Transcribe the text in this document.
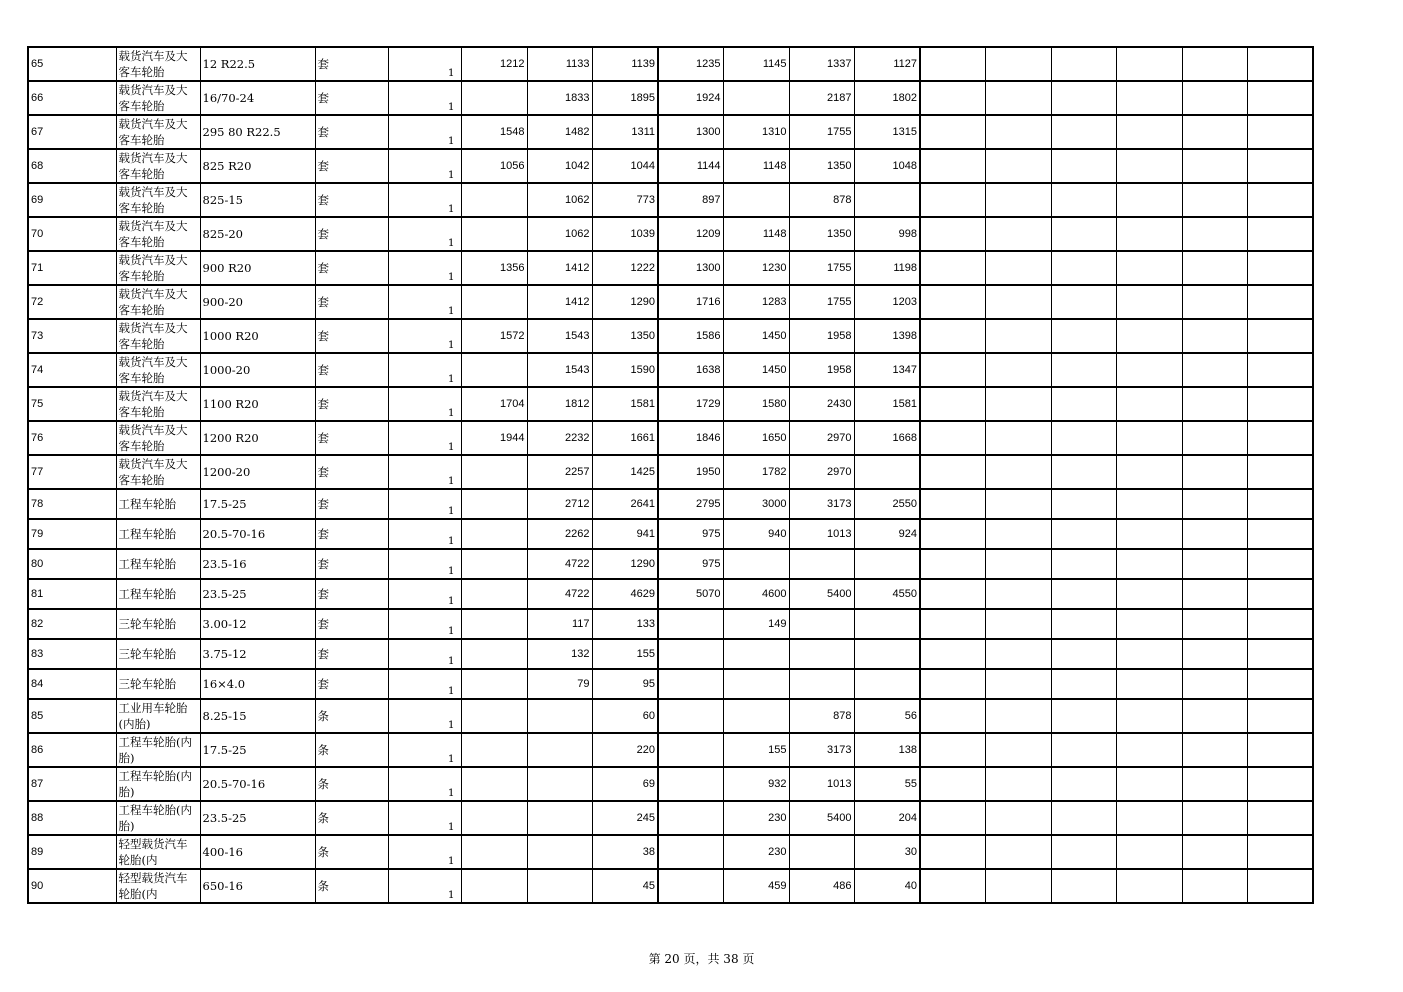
65	载货汽车及大客车轮胎	12 R22.5	套	1	1212	1133	1139	1235	1145	1337	1127						
66	载货汽车及大客车轮胎	16/70-24	套	1		1833	1895	1924		2187	1802						
67	载货汽车及大客车轮胎	295 80 R22.5	套	1	1548	1482	1311	1300	1310	1755	1315						
68	载货汽车及大客车轮胎	825 R20	套	1	1056	1042	1044	1144	1148	1350	1048						
69	载货汽车及大客车轮胎	825-15	套	1		1062	773	897		878							
70	载货汽车及大客车轮胎	825-20	套	1		1062	1039	1209	1148	1350	998						
71	载货汽车及大客车轮胎	900 R20	套	1	1356	1412	1222	1300	1230	1755	1198						
72	载货汽车及大客车轮胎	900-20	套	1		1412	1290	1716	1283	1755	1203						
73	载货汽车及大客车轮胎	1000 R20	套	1	1572	1543	1350	1586	1450	1958	1398						
74	载货汽车及大客车轮胎	1000-20	套	1		1543	1590	1638	1450	1958	1347						
75	载货汽车及大客车轮胎	1100 R20	套	1	1704	1812	1581	1729	1580	2430	1581						
76	载货汽车及大客车轮胎	1200 R20	套	1	1944	2232	1661	1846	1650	2970	1668						
77	载货汽车及大客车轮胎	1200-20	套	1		2257	1425	1950	1782	2970							
78	工程车轮胎	17.5-25	套	1		2712	2641	2795	3000	3173	2550						
79	工程车轮胎	20.5-70-16	套	1		2262	941	975	940	1013	924						
80	工程车轮胎	23.5-16	套	1		4722	1290	975									
81	工程车轮胎	23.5-25	套	1		4722	4629	5070	4600	5400	4550						
82	三轮车轮胎	3.00-12	套	1		117	133		149								
83	三轮车轮胎	3.75-12	套	1		132	155										
84	三轮车轮胎	16×4.0	套	1		79	95										
85	工业用车轮胎(内胎)	8.25-15	条	1			60			878	56						
86	工程车轮胎(内胎)	17.5-25	条	1			220		155	3173	138						
87	工程车轮胎(内胎)	20.5-70-16	条	1			69		932	1013	55						
88	工程车轮胎(内胎)	23.5-25	条	1			245		230	5400	204						
89	轻型载货汽车轮胎(内	400-16	条	1			38		230		30						
90	轻型载货汽车轮胎(内	650-16	条	1			45		459	486	40						
第 20 页，共 38 页
